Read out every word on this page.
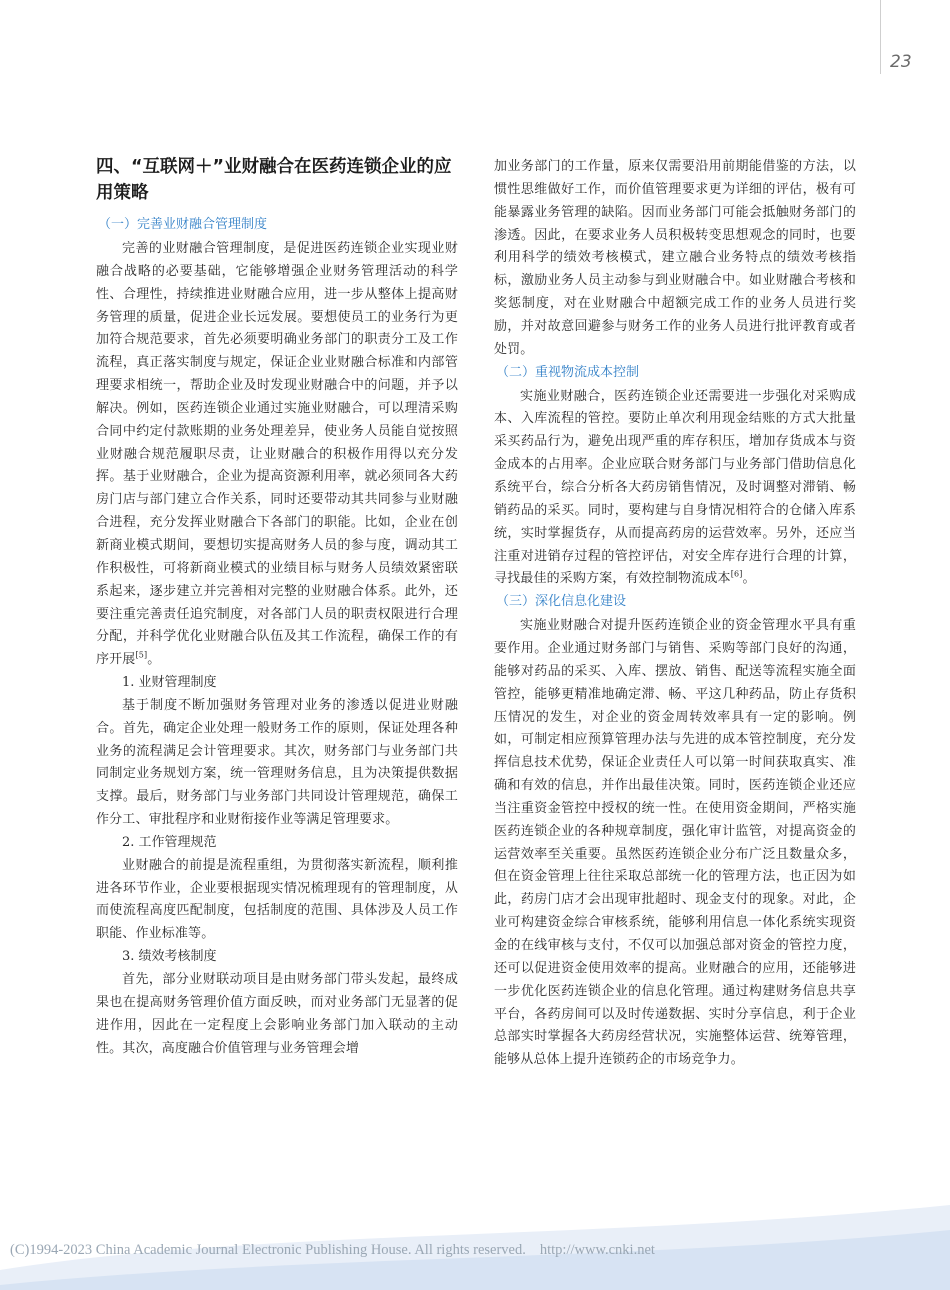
23
四、“互联网＋”业财融合在医药连锁企业的应用策略
（一）完善业财融合管理制度

完善的业财融合管理制度，是促进医药连锁企业实现业财融合战略的必要基础，它能够增强企业财务管理活动的科学性、合理性，持续推进业财融合应用，进一步从整体上提高财务管理的质量，促进企业长远发展。要想使员工的业务行为更加符合规范要求，首先必须要明确业务部门的职责分工及工作流程，真正落实制度与规定，保证企业业财融合标准和内部管理要求相统一，帮助企业及时发现业财融合中的问题，并予以解决。例如，医药连锁企业通过实施业财融合，可以理清采购合同中约定付款账期的业务处理差异，使业务人员能自觉按照业财融合规范履职尽责，让业财融合的积极作用得以充分发挥。基于业财融合，企业为提高资源利用率，就必须同各大药房门店与部门建立合作关系，同时还要带动其共同参与业财融合进程，充分发挥业财融合下各部门的职能。比如，企业在创新商业模式期间，要想切实提高财务人员的参与度，调动其工作积极性，可将新商业模式的业绩目标与财务人员绩效紧密联系起来，逐步建立并完善相对完整的业财融合体系。此外，还要注重完善责任追究制度，对各部门人员的职责权限进行合理分配，并科学优化业财融合队伍及其工作流程，确保工作的有序开展[5]。

1. 业财管理制度

基于制度不断加强财务管理对业务的渗透以促进业财融合。首先，确定企业处理一般财务工作的原则，保证处理各种业务的流程满足会计管理要求。其次，财务部门与业务部门共同制定业务规划方案，统一管理财务信息，且为决策提供数据支撑。最后，财务部门与业务部门共同设计管理规范，确保工作分工、审批程序和业财衔接作业等满足管理要求。

2. 工作管理规范

业财融合的前提是流程重组，为贯彻落实新流程，顺利推进各环节作业，企业要根据现实情况梳理现有的管理制度，从而使流程高度匹配制度，包括制度的范围、具体涉及人员工作职能、作业标准等。

3. 绩效考核制度

首先，部分业财联动项目是由财务部门带头发起，最终成果也在提高财务管理价值方面反映，而对业务部门无显著的促进作用，因此在一定程度上会影响业务部门加入联动的主动性。其次，高度融合价值管理与业务管理会增

加业务部门的工作量，原来仅需要沿用前期能借鉴的方法，以惯性思维做好工作，而价值管理要求更为详细的评估，极有可能暴露业务管理的缺陷。因而业务部门可能会抵触财务部门的渗透。因此，在要求业务人员积极转变思想观念的同时，也要利用科学的绩效考核模式，建立融合业务特点的绩效考核指标，激励业务人员主动参与到业财融合中。如业财融合考核和奖惩制度，对在业财融合中超额完成工作的业务人员进行奖励，并对故意回避参与财务工作的业务人员进行批评教育或者处罚。

（二）重视物流成本控制

实施业财融合，医药连锁企业还需要进一步强化对采购成本、入库流程的管控。要防止单次利用现金结账的方式大批量采买药品行为，避免出现严重的库存积压，增加存货成本与资金成本的占用率。企业应联合财务部门与业务部门借助信息化系统平台，综合分析各大药房销售情况，及时调整对滞销、畅销药品的采买。同时，要构建与自身情况相符合的仓储入库系统，实时掌握货存，从而提高药房的运营效率。另外，还应当注重对进销存过程的管控评估，对安全库存进行合理的计算，寻找最佳的采购方案，有效控制物流成本[6]。

（三）深化信息化建设

实施业财融合对提升医药连锁企业的资金管理水平具有重要作用。企业通过财务部门与销售、采购等部门良好的沟通，能够对药品的采买、入库、摆放、销售、配送等流程实施全面管控，能够更精准地确定滞、畅、平这几种药品，防止存货积压情况的发生，对企业的资金周转效率具有一定的影响。例如，可制定相应预算管理办法与先进的成本管控制度，充分发挥信息技术优势，保证企业责任人可以第一时间获取真实、准确和有效的信息，并作出最佳决策。同时，医药连锁企业还应当注重资金管控中授权的统一性。在使用资金期间，严格实施医药连锁企业的各种规章制度，强化审计监管，对提高资金的运营效率至关重要。虽然医药连锁企业分布广泛且数量众多，但在资金管理上往往采取总部统一化的管理方法，也正因为如此，药房门店才会出现审批超时、现金支付的现象。对此，企业可构建资金综合审核系统，能够利用信息一体化系统实现资金的在线审核与支付，不仅可以加强总部对资金的管控力度，还可以促进资金使用效率的提高。业财融合的应用，还能够进一步优化医药连锁企业的信息化管理。通过构建财务信息共享平台，各药房间可以及时传递数据、实时分享信息，利于企业总部实时掌握各大药房经营状况，实施整体运营、统筹管理，能够从总体上提升连锁药企的市场竞争力。

(C)1994-2023 China Academic Journal Electronic Publishing House. All rights reserved. http://www.cnki.net
